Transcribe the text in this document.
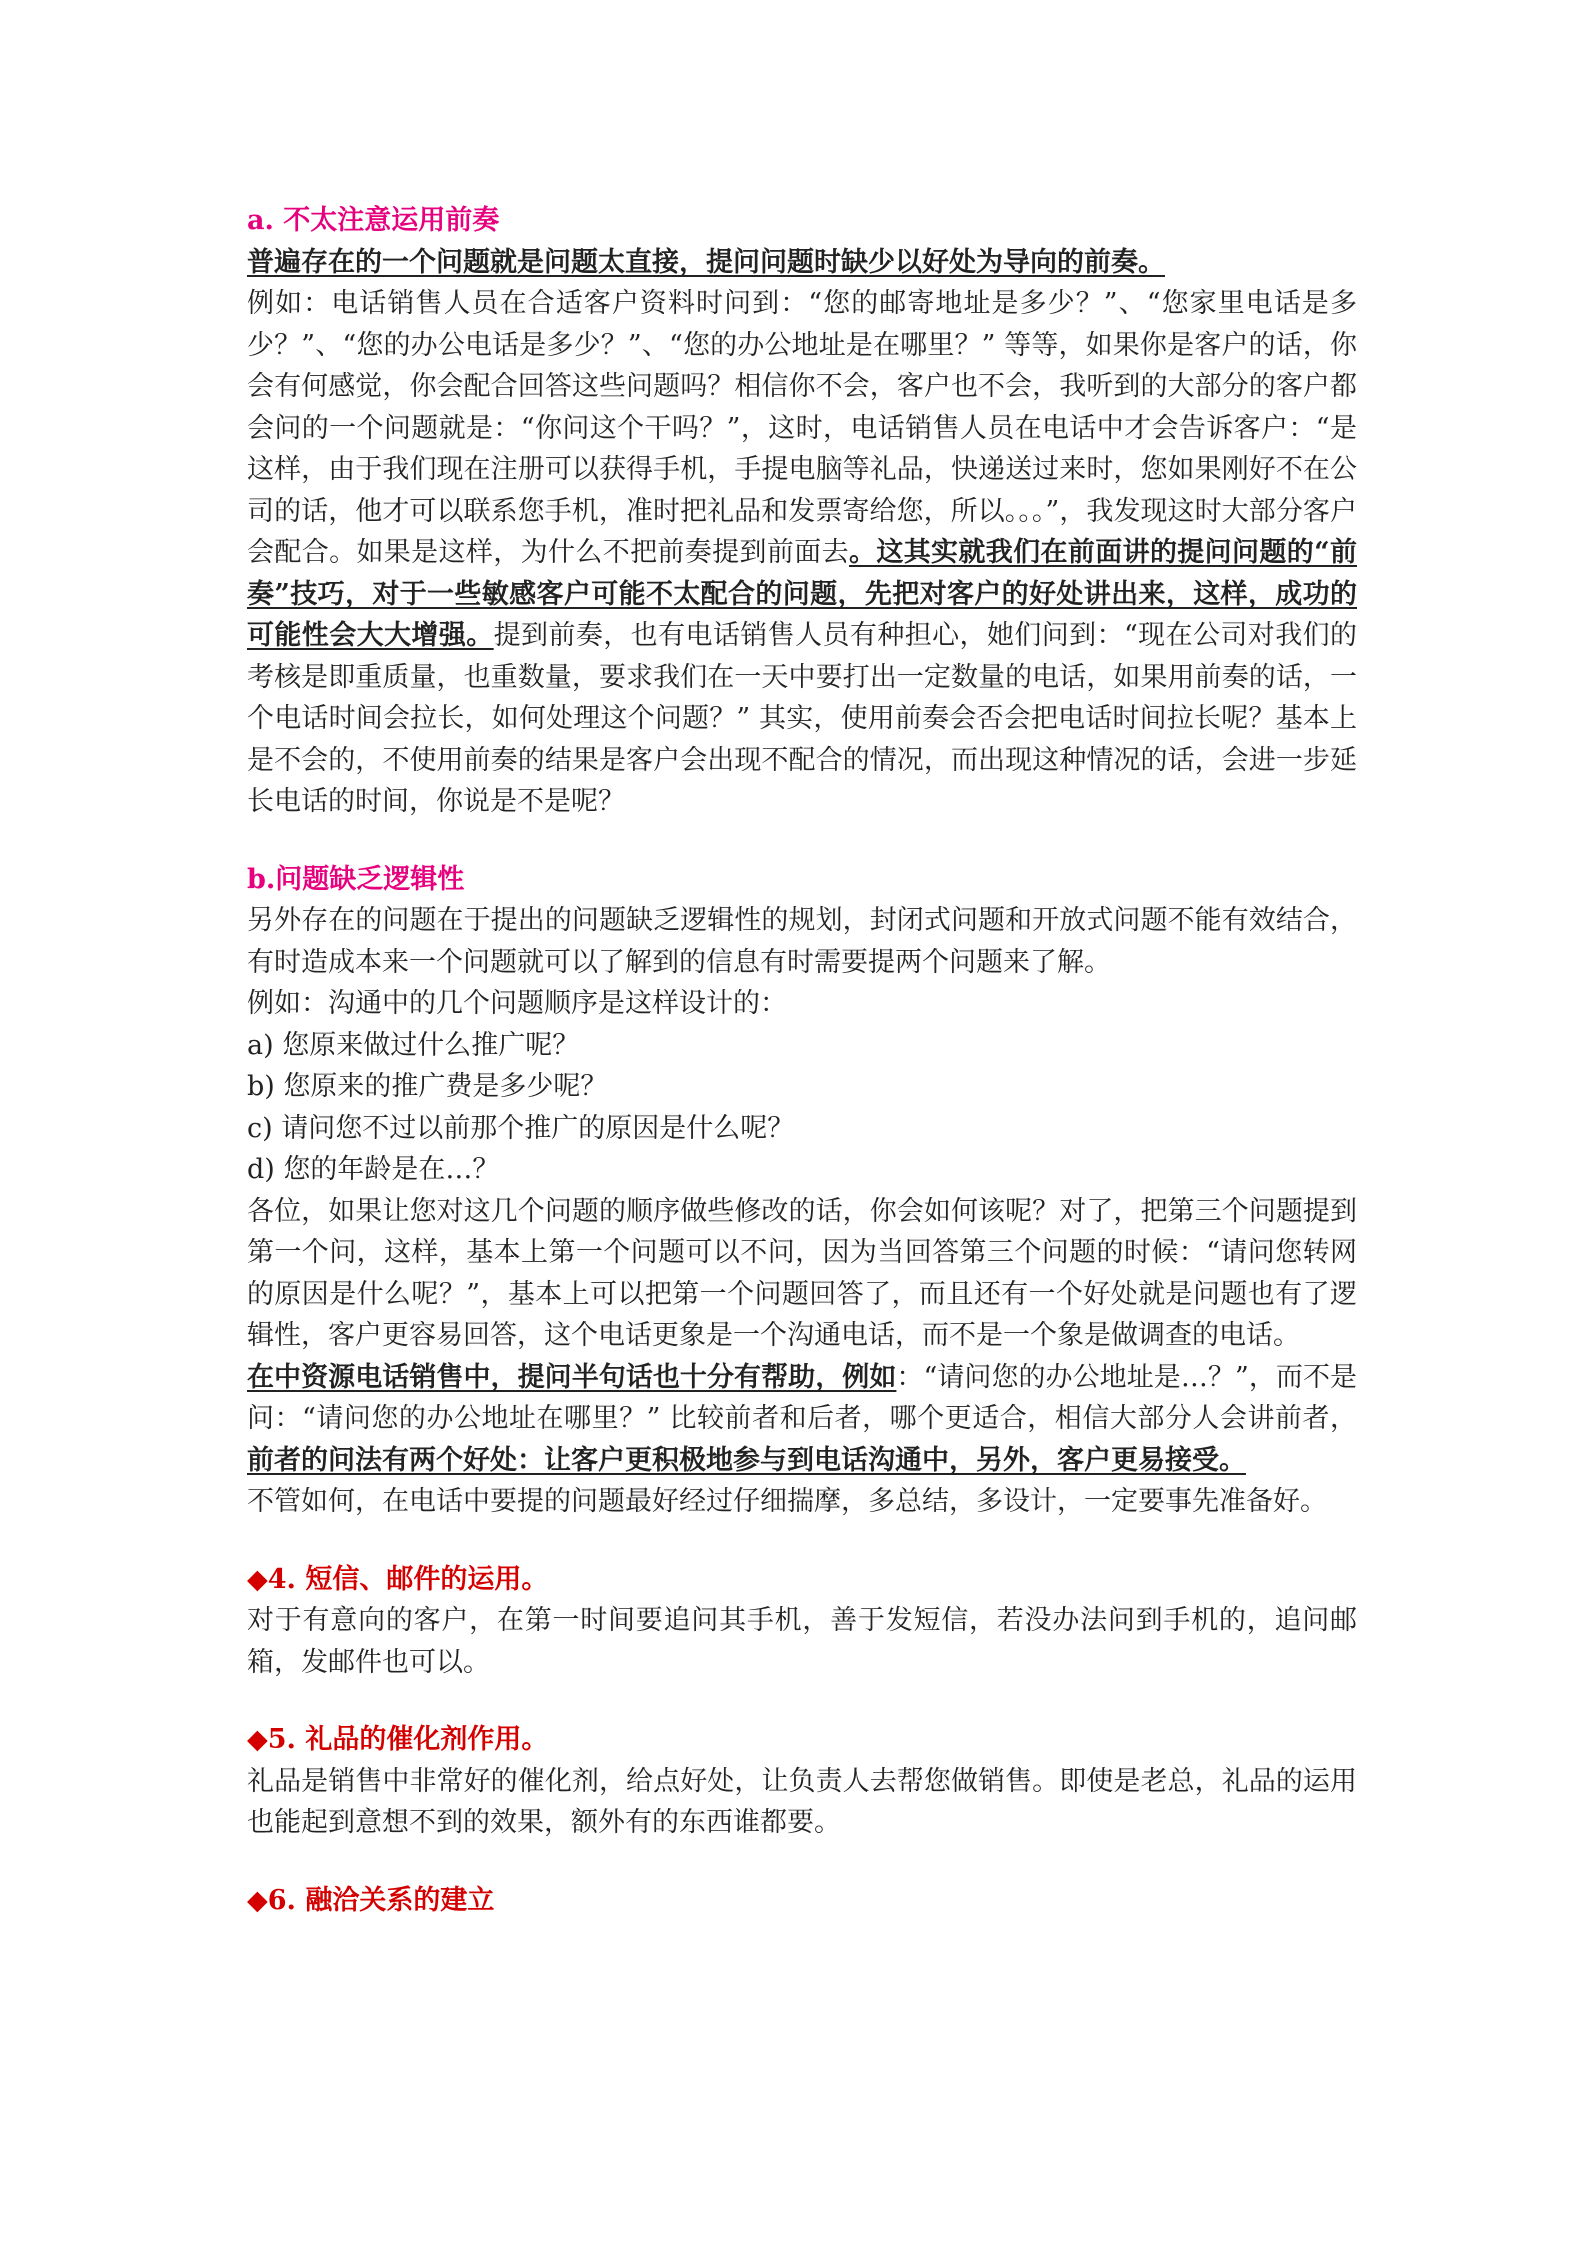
a. 不太注意运用前奏

普遍存在的一个问题就是问题太直接，提问问题时缺少以好处为导向的前奏。

例如：电话销售人员在合适客户资料时问到：“您的邮寄地址是多少？”、“您家里电话是多少？”、“您的办公电话是多少？”、“您的办公地址是在哪里？” 等等，如果你是客户的话，你会有何感觉，你会配合回答这些问题吗？相信你不会，客户也不会，我听到的大部分的客户都会问的一个问题就是：“你问这个干吗？”，这时，电话销售人员在电话中才会告诉客户：“是这样，由于我们现在注册可以获得手机，手提电脑等礼品，快递送过来时，您如果刚好不在公司的话，他才可以联系您手机，准时把礼品和发票寄给您，所以。。。”，我发现这时大部分客户会配合。如果是这样，为什么不把前奏提到前面去。这其实就我们在前面讲的提问问题的“前奏”技巧，对于一些敏感客户可能不太配合的问题，先把对客户的好处讲出来，这样，成功的可能性会大大增强。提到前奏，也有电话销售人员有种担心，她们问到：“现在公司对我们的考核是即重质量，也重数量，要求我们在一天中要打出一定数量的电话，如果用前奏的话，一个电话时间会拉长，如何处理这个问题？” 其实，使用前奏会否会把电话时间拉长呢？基本上是不会的，不使用前奏的结果是客户会出现不配合的情况，而出现这种情况的话，会进一步延长电话的时间，你说是不是呢？

b.问题缺乏逻辑性

另外存在的问题在于提出的问题缺乏逻辑性的规划，封闭式问题和开放式问题不能有效结合，有时造成本来一个问题就可以了解到的信息有时需要提两个问题来了解。

例如：沟通中的几个问题顺序是这样设计的：

a) 您原来做过什么推广呢？

b) 您原来的推广费是多少呢？

c) 请问您不过以前那个推广的原因是什么呢？

d) 您的年龄是在…？

各位，如果让您对这几个问题的顺序做些修改的话，你会如何该呢？对了，把第三个问题提到第一个问，这样，基本上第一个问题可以不问，因为当回答第三个问题的时候：“请问您转网的原因是什么呢？”，基本上可以把第一个问题回答了，而且还有一个好处就是问题也有了逻辑性，客户更容易回答，这个电话更象是一个沟通电话，而不是一个象是做调查的电话。

在中资源电话销售中，提问半句话也十分有帮助，例如：“请问您的办公地址是…？”，而不是问：“请问您的办公地址在哪里？” 比较前者和后者，哪个更适合，相信大部分人会讲前者，前者的问法有两个好处：让客户更积极地参与到电话沟通中，另外，客户更易接受。

不管如何，在电话中要提的问题最好经过仔细揣摩，多总结，多设计，一定要事先准备好。

◆4. 短信、邮件的运用。

对于有意向的客户，在第一时间要追问其手机，善于发短信，若没办法问到手机的，追问邮箱，发邮件也可以。

◆5. 礼品的催化剂作用。

礼品是销售中非常好的催化剂，给点好处，让负责人去帮您做销售。即使是老总，礼品的运用也能起到意想不到的效果，额外有的东西谁都要。

◆6. 融洽关系的建立
